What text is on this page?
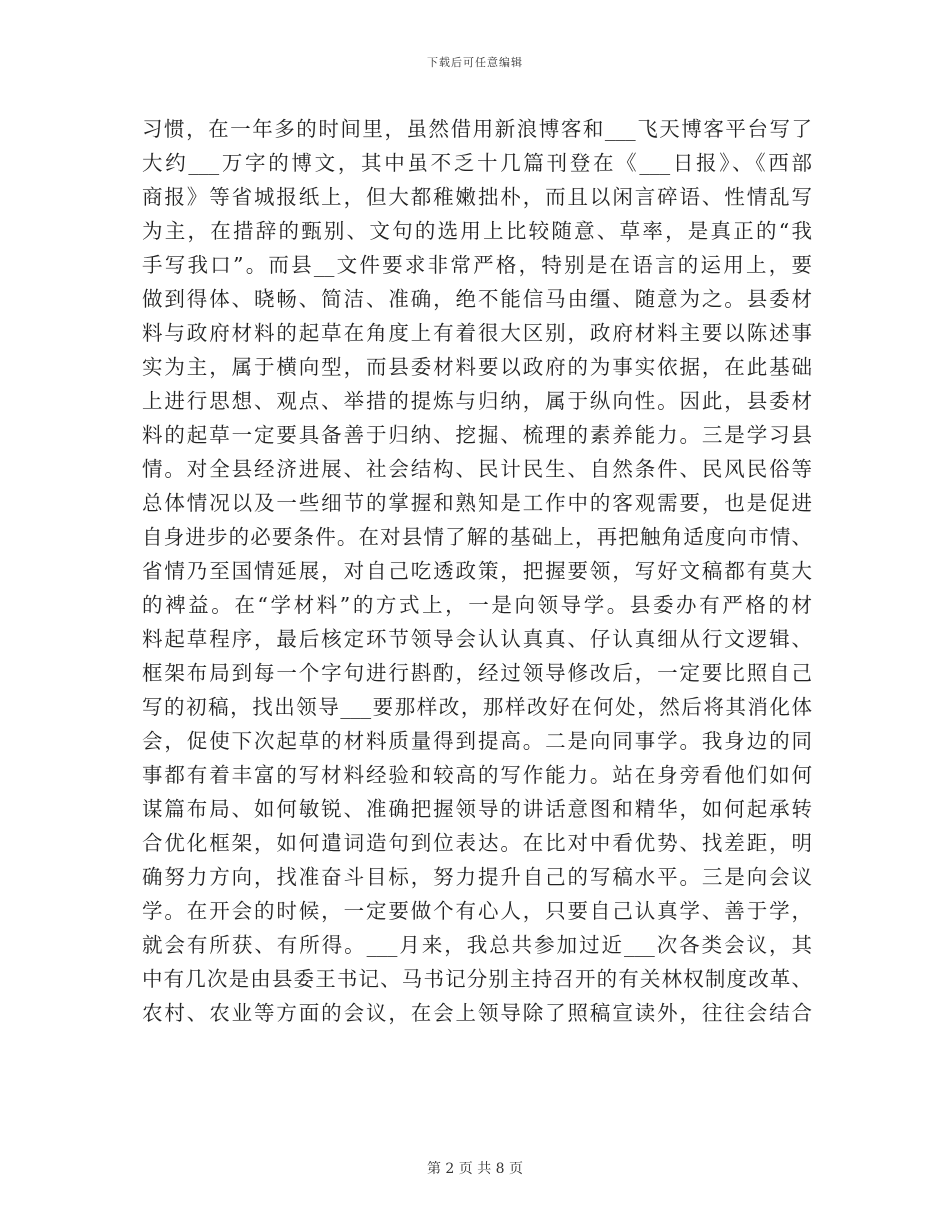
下载后可任意编辑
习惯，在一年多的时间里，虽然借用新浪博客和___飞天博客平台写了
大约___万字的博文，其中虽不乏十几篇刊登在《___日报》、《西部
商报》等省城报纸上，但大都稚嫩拙朴，而且以闲言碎语、性情乱写
为主，在措辞的甄别、文句的选用上比较随意、草率，是真正的“我
手写我口”。而县__文件要求非常严格，特别是在语言的运用上，要
做到得体、晓畅、简洁、准确，绝不能信马由缰、随意为之。县委材
料与政府材料的起草在角度上有着很大区别，政府材料主要以陈述事
实为主，属于横向型，而县委材料要以政府的为事实依据，在此基础
上进行思想、观点、举措的提炼与归纳，属于纵向性。因此，县委材
料的起草一定要具备善于归纳、挖掘、梳理的素养能力。三是学习县
情。对全县经济进展、社会结构、民计民生、自然条件、民风民俗等
总体情况以及一些细节的掌握和熟知是工作中的客观需要，也是促进
自身进步的必要条件。在对县情了解的基础上，再把触角适度向市情、
省情乃至国情延展，对自己吃透政策，把握要领，写好文稿都有莫大
的裨益。在“学材料”的方式上，一是向领导学。县委办有严格的材
料起草程序，最后核定环节领导会认认真真、仔认真细从行文逻辑、
框架布局到每一个字句进行斟酌，经过领导修改后，一定要比照自己
写的初稿，找出领导___要那样改，那样改好在何处，然后将其消化体
会，促使下次起草的材料质量得到提高。二是向同事学。我身边的同
事都有着丰富的写材料经验和较高的写作能力。站在身旁看他们如何
谋篇布局、如何敏锐、准确把握领导的讲话意图和精华，如何起承转
合优化框架，如何遣词造句到位表达。在比对中看优势、找差距，明
确努力方向，找准奋斗目标，努力提升自己的写稿水平。三是向会议
学。在开会的时候，一定要做个有心人，只要自己认真学、善于学，
就会有所获、有所得。___月来，我总共参加过近___次各类会议，其
中有几次是由县委王书记、马书记分别主持召开的有关林权制度改革、
农村、农业等方面的会议，在会上领导除了照稿宣读外，往往会结合
第 2 页 共 8 页
